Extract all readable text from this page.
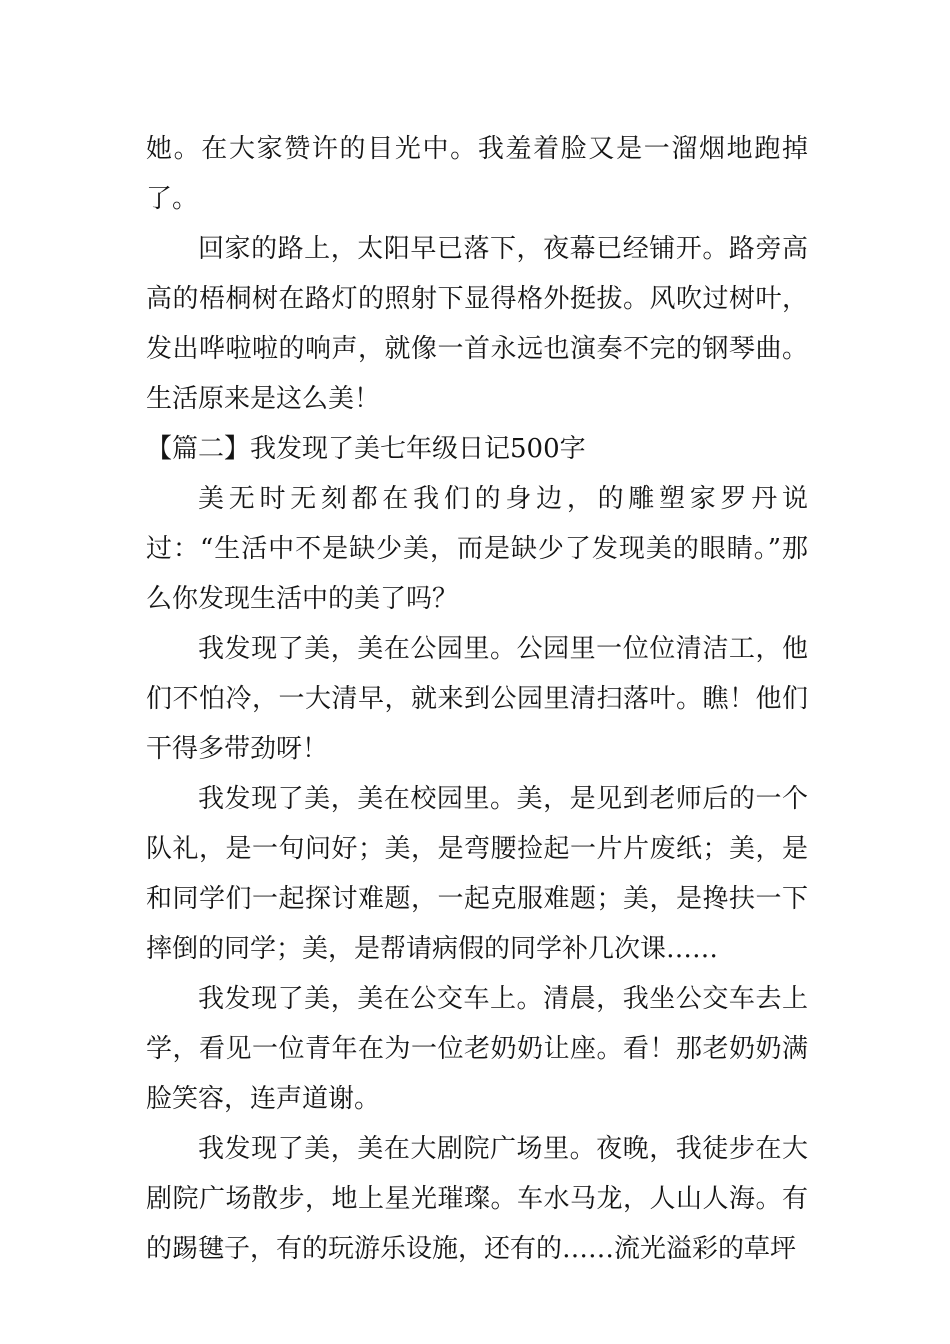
她。在大家赞许的目光中。我羞着脸又是一溜烟地跑掉了。

回家的路上，太阳早已落下，夜幕已经铺开。路旁高高的梧桐树在路灯的照射下显得格外挺拔。风吹过树叶，发出哗啦啦的响声，就像一首永远也演奏不完的钢琴曲。生活原来是这么美！

【篇二】我发现了美七年级日记500字

美无时无刻都在我们的身边，的雕塑家罗丹说过：“生活中不是缺少美，而是缺少了发现美的眼睛。”那么你发现生活中的美了吗？

我发现了美，美在公园里。公园里一位位清洁工，他们不怕冷，一大清早，就来到公园里清扫落叶。瞧！他们干得多带劲呀！

我发现了美，美在校园里。美，是见到老师后的一个队礼，是一句问好；美，是弯腰捡起一片片废纸；美，是和同学们一起探讨难题，一起克服难题；美，是搀扶一下摔倒的同学；美，是帮请病假的同学补几次课……

我发现了美，美在公交车上。清晨，我坐公交车去上学，看见一位青年在为一位老奶奶让座。看！那老奶奶满脸笑容，连声道谢。

我发现了美，美在大剧院广场里。夜晚，我徒步在大剧院广场散步，地上星光璀璨。车水马龙，人山人海。有的踢毽子，有的玩游乐设施，还有的……流光溢彩的草坪
